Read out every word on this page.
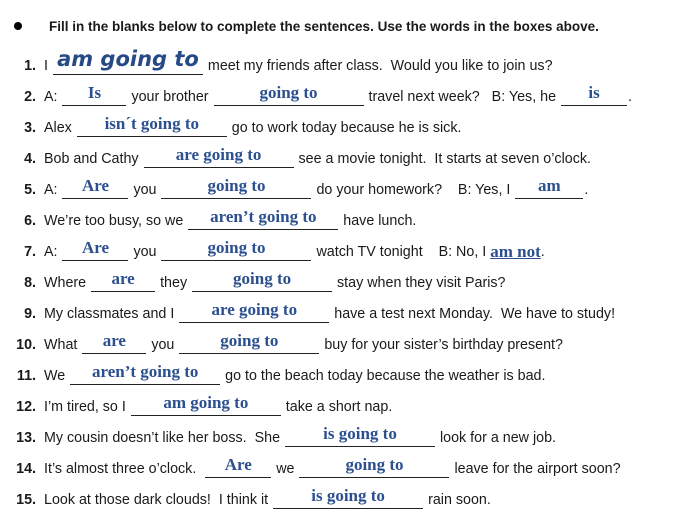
Fill in the blanks below to complete the sentences. Use the words in the boxes above.
1. I am going to meet my friends after class.  Would you like to join us?
2. A:	Is	your brother	going to	travel next week?   B: Yes, he	is	.
3. Alex	isn´t going to	go to work today because he is sick.
4. Bob and Cathy	are going to	see a movie tonight.  It starts at seven o’clock.
5. A:	Are	you	going to	do your homework?    B: Yes, I	am	.
6. We’re too busy, so we	aren’t going to	have lunch.
7. A:	Are	you	going to	watch TV tonight    B: No, I am not .
8. Where	are	they	going to	stay when they visit Paris?
9. My classmates and I	are going to	have a test next Monday.  We have to study!
10. What	are	you	going to	buy for your sister’s birthday present?
11. We	aren’t going to	go to the beach today because the weather is bad.
12. I’m tired, so I	am going to	take a short nap.
13. My cousin doesn’t like her boss.  She	is going to	look for a new job.
14. It’s almost three o’clock.	Are	we	going to	leave for the airport soon?
15. Look at those dark clouds!  I think it	is going to	rain soon.
